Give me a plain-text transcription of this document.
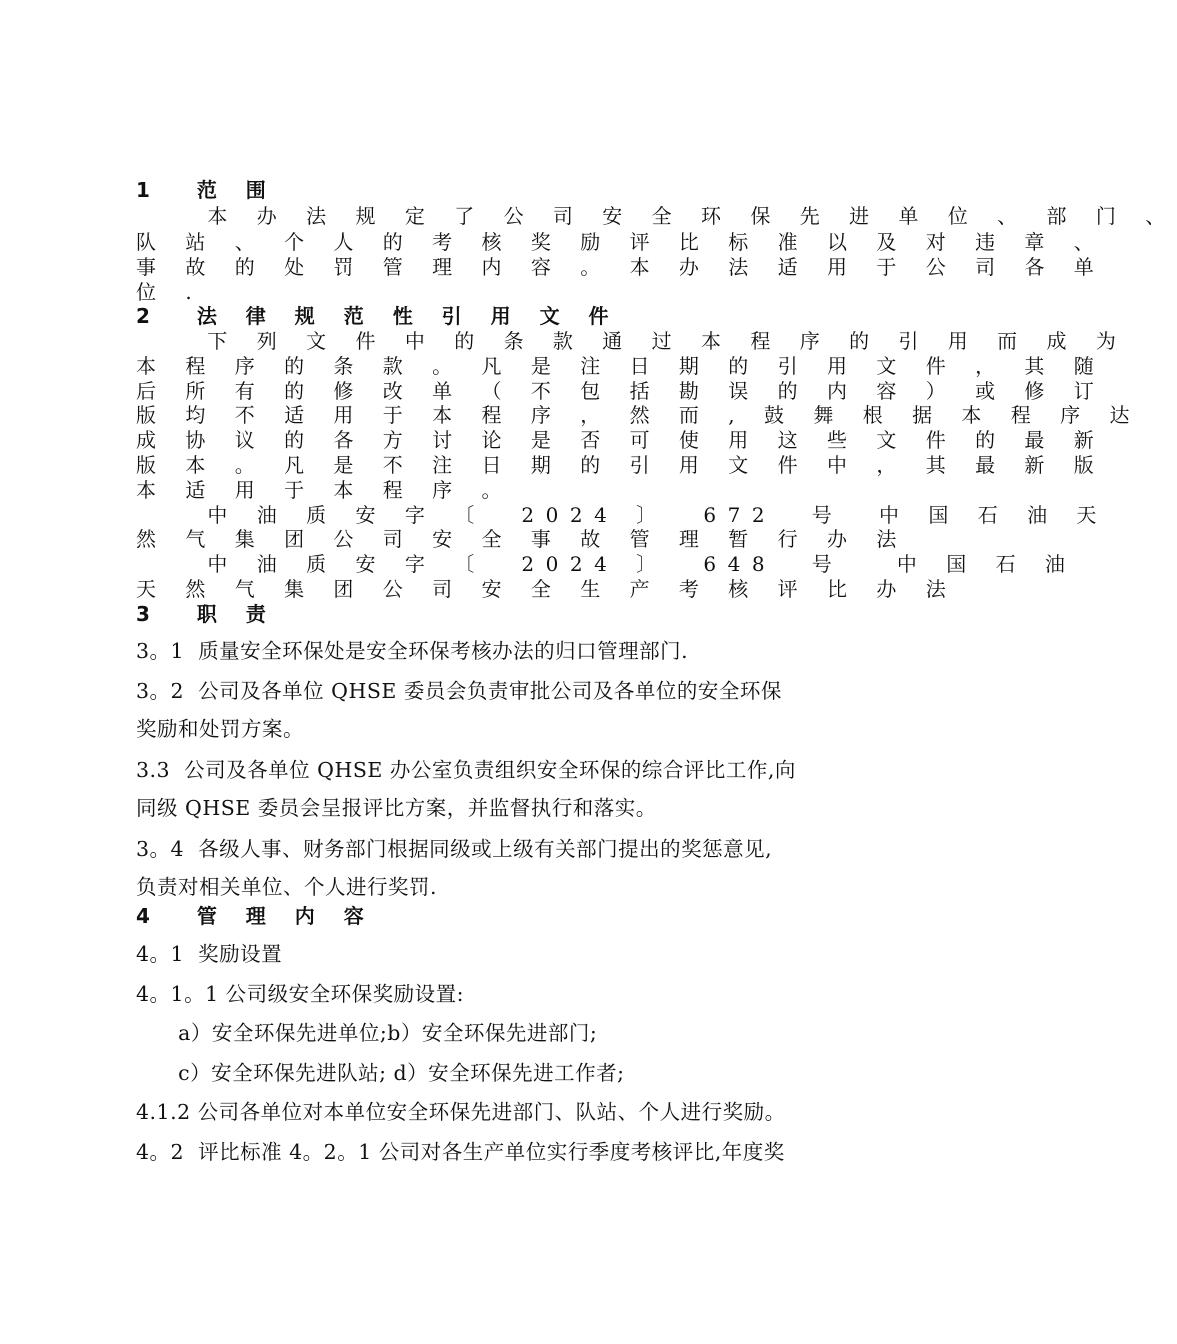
1  范 围
本 办 法 规 定 了 公 司 安 全 环 保 先 进 单 位 、 部 门 、
队 站 、 个 人 的 考 核 奖 励 评 比 标 准 以 及 对 违 章 、
事 故 的 处 罚 管 理 内 容 。 本 办 法 适 用 于 公 司 各 单
位 .
2  法 律 规 范 性 引 用 文 件
下 列 文 件 中 的 条 款 通 过 本 程 序 的 引 用 而 成 为
本 程 序 的 条 款 。 凡 是 注 日 期 的 引 用 文 件 ， 其 随
后 所 有 的 修 改 单 （ 不 包 括 勘 误 的 内 容 ） 或 修 订
版 均 不 适 用 于 本 程 序 ， 然 而 , 鼓 舞 根 据 本 程 序 达
成 协 议 的 各 方 讨 论 是 否 可 使 用 这 些 文 件 的 最 新
版 本 。 凡 是 不 注 日 期 的 引 用 文 件 中 ， 其 最 新 版
本 适 用 于 本 程 序 。
中 油 质 安 字 〔  2024 〕  672  号  中 国 石 油 天
然 气 集 团 公 司 安 全 事 故 管 理 暂 行 办 法
中 油 质 安 字 〔  2024 〕  648  号   中 国 石 油
天 然 气 集 团 公 司 安 全 生 产 考 核 评 比 办 法
3  职 责
3。1  质量安全环保处是安全环保考核办法的归口管理部门.
3。2  公司及各单位 QHSE 委员会负责审批公司及各单位的安全环保
奖励和处罚方案。
3.3  公司及各单位 QHSE 办公室负责组织安全环保的综合评比工作,向
同级 QHSE 委员会呈报评比方案，并监督执行和落实。
3。4  各级人事、财务部门根据同级或上级有关部门提出的奖惩意见,
负责对相关单位、个人进行奖罚.
4  管 理 内 容
4。1  奖励设置
4。1。1 公司级安全环保奖励设置:
a）安全环保先进单位;b）安全环保先进部门;
c）安全环保先进队站; d）安全环保先进工作者;
4.1.2 公司各单位对本单位安全环保先进部门、队站、个人进行奖励。
4。2  评比标准 4。2。1 公司对各生产单位实行季度考核评比,年度奖
